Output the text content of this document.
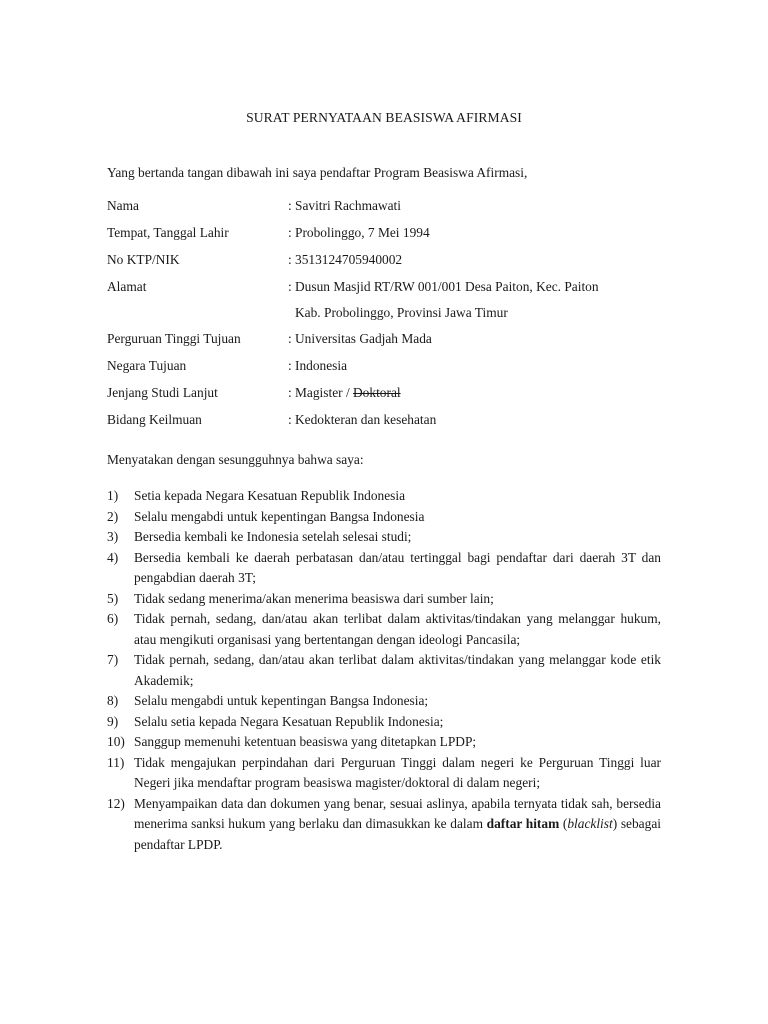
SURAT PERNYATAAN BEASISWA AFIRMASI
Yang bertanda tangan dibawah ini saya pendaftar Program Beasiswa Afirmasi,
Nama	: Savitri Rachmawati
Tempat, Tanggal Lahir	: Probolinggo, 7 Mei 1994
No KTP/NIK	: 3513124705940002
Alamat	: Dusun Masjid RT/RW 001/001 Desa Paiton, Kec. Paiton
Kab. Probolinggo, Provinsi Jawa Timur
Perguruan Tinggi Tujuan	: Universitas Gadjah Mada
Negara Tujuan	: Indonesia
Jenjang Studi Lanjut	: Magister / Doktoral
Bidang Keilmuan	: Kedokteran dan kesehatan
Menyatakan dengan sesungguhnya bahwa saya:
1) Setia kepada Negara Kesatuan Republik Indonesia
2) Selalu mengabdi untuk kepentingan Bangsa Indonesia
3) Bersedia kembali ke Indonesia setelah selesai studi;
4) Bersedia kembali ke daerah perbatasan dan/atau tertinggal bagi pendaftar dari daerah 3T dan pengabdian daerah 3T;
5) Tidak sedang menerima/akan menerima beasiswa dari sumber lain;
6) Tidak pernah, sedang, dan/atau akan terlibat dalam aktivitas/tindakan yang melanggar hukum, atau mengikuti organisasi yang bertentangan dengan ideologi Pancasila;
7) Tidak pernah, sedang, dan/atau akan terlibat dalam aktivitas/tindakan yang melanggar kode etik Akademik;
8) Selalu mengabdi untuk kepentingan Bangsa Indonesia;
9) Selalu setia kepada Negara Kesatuan Republik Indonesia;
10) Sanggup memenuhi ketentuan beasiswa yang ditetapkan LPDP;
11) Tidak mengajukan perpindahan dari Perguruan Tinggi dalam negeri ke Perguruan Tinggi luar Negeri jika mendaftar program beasiswa magister/doktoral di dalam negeri;
12) Menyampaikan data dan dokumen yang benar, sesuai aslinya, apabila ternyata tidak sah, bersedia menerima sanksi hukum yang berlaku dan dimasukkan ke dalam daftar hitam (blacklist) sebagai pendaftar LPDP.
